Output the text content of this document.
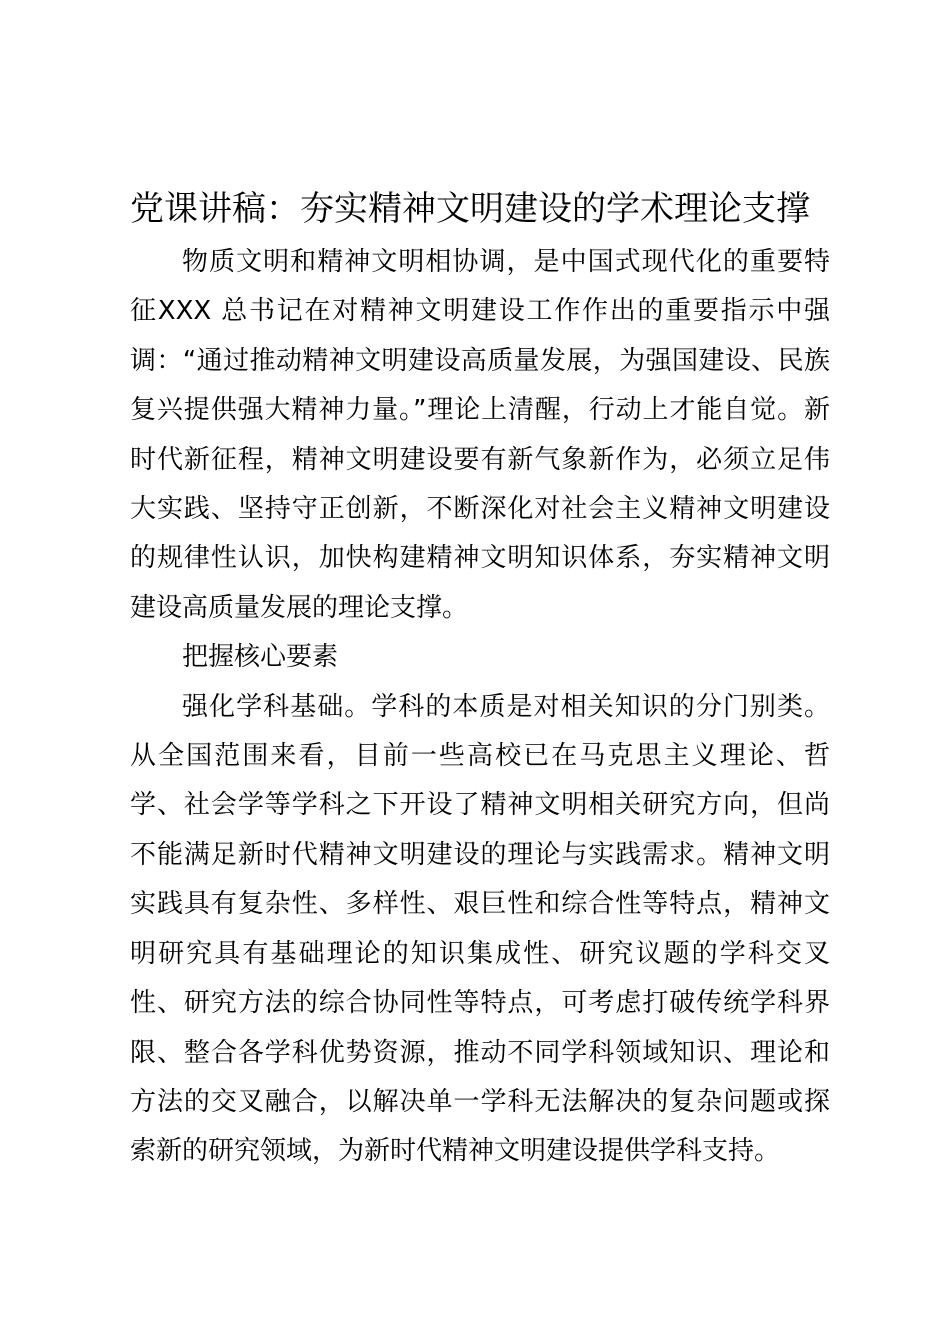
党课讲稿：夯实精神文明建设的学术理论支撑

物质文明和精神文明相协调，是中国式现代化的重要特征XXX 总书记在对精神文明建设工作作出的重要指示中强调：“通过推动精神文明建设高质量发展，为强国建设、民族复兴提供强大精神力量。”理论上清醒，行动上才能自觉。新时代新征程，精神文明建设要有新气象新作为，必须立足伟大实践、坚持守正创新，不断深化对社会主义精神文明建设的规律性认识，加快构建精神文明知识体系，夯实精神文明建设高质量发展的理论支撑。

把握核心要素

强化学科基础。学科的本质是对相关知识的分门别类。从全国范围来看，目前一些高校已在马克思主义理论、哲学、社会学等学科之下开设了精神文明相关研究方向，但尚不能满足新时代精神文明建设的理论与实践需求。精神文明实践具有复杂性、多样性、艰巨性和综合性等特点，精神文明研究具有基础理论的知识集成性、研究议题的学科交叉性、研究方法的综合协同性等特点，可考虑打破传统学科界限、整合各学科优势资源，推动不同学科领域知识、理论和方法的交叉融合，以解决单一学科无法解决的复杂问题或探索新的研究领域，为新时代精神文明建设提供学科支持。
